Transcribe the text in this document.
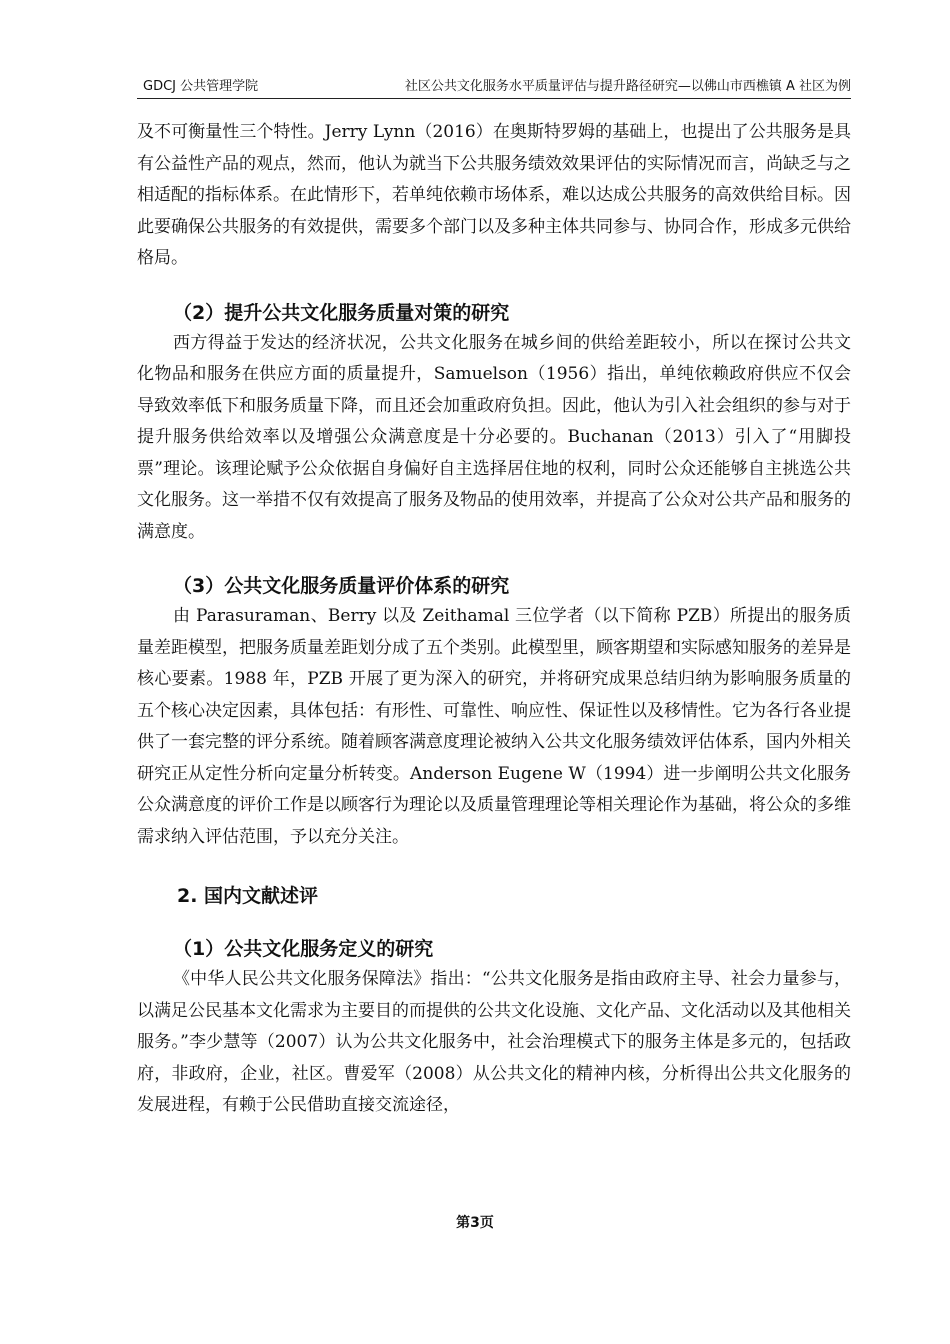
GDCJ 公共管理学院	社区公共文化服务水平质量评估与提升路径研究—以佛山市西樵镇 A 社区为例

及不可衡量性三个特性。Jerry Lynn（2016）在奥斯特罗姆的基础上，也提出了公共服务是具有公益性产品的观点，然而，他认为就当下公共服务绩效效果评估的实际情况而言，尚缺乏与之相适配的指标体系。在此情形下，若单纯依赖市场体系，难以达成公共服务的高效供给目标。因此要确保公共服务的有效提供，需要多个部门以及多种主体共同参与、协同合作，形成多元供给格局。

（2）提升公共文化服务质量对策的研究

西方得益于发达的经济状况，公共文化服务在城乡间的供给差距较小，所以在探讨公共文化物品和服务在供应方面的质量提升，Samuelson（1956）指出，单纯依赖政府供应不仅会导致效率低下和服务质量下降，而且还会加重政府负担。因此，他认为引入社会组织的参与对于提升服务供给效率以及增强公众满意度是十分必要的。Buchanan（2013）引入了“用脚投票”理论。该理论赋予公众依据自身偏好自主选择居住地的权利，同时公众还能够自主挑选公共文化服务。这一举措不仅有效提高了服务及物品的使用效率，并提高了公众对公共产品和服务的满意度。

（3）公共文化服务质量评价体系的研究

由 Parasuraman、Berry 以及 Zeithamal 三位学者（以下简称 PZB）所提出的服务质量差距模型，把服务质量差距划分成了五个类别。此模型里，顾客期望和实际感知服务的差异是核心要素。1988 年，PZB 开展了更为深入的研究，并将研究成果总结归纳为影响服务质量的五个核心决定因素，具体包括：有形性、可靠性、响应性、保证性以及移情性。它为各行各业提供了一套完整的评分系统。随着顾客满意度理论被纳入公共文化服务绩效评估体系，国内外相关研究正从定性分析向定量分析转变。Anderson Eugene W（1994）进一步阐明公共文化服务公众满意度的评价工作是以顾客行为理论以及质量管理理论等相关理论作为基础，将公众的多维需求纳入评估范围，予以充分关注。

2. 国内文献述评
（1）公共文化服务定义的研究

《中华人民公共文化服务保障法》指出：“公共文化服务是指由政府主导、社会力量参与，以满足公民基本文化需求为主要目的而提供的公共文化设施、文化产品、文化活动以及其他相关服务。”李少慧等（2007）认为公共文化服务中，社会治理模式下的服务主体是多元的，包括政府，非政府，企业，社区。曹爱军（2008）从公共文化的精神内核，分析得出公共文化服务的发展进程，有赖于公民借助直接交流途径，

第3页
